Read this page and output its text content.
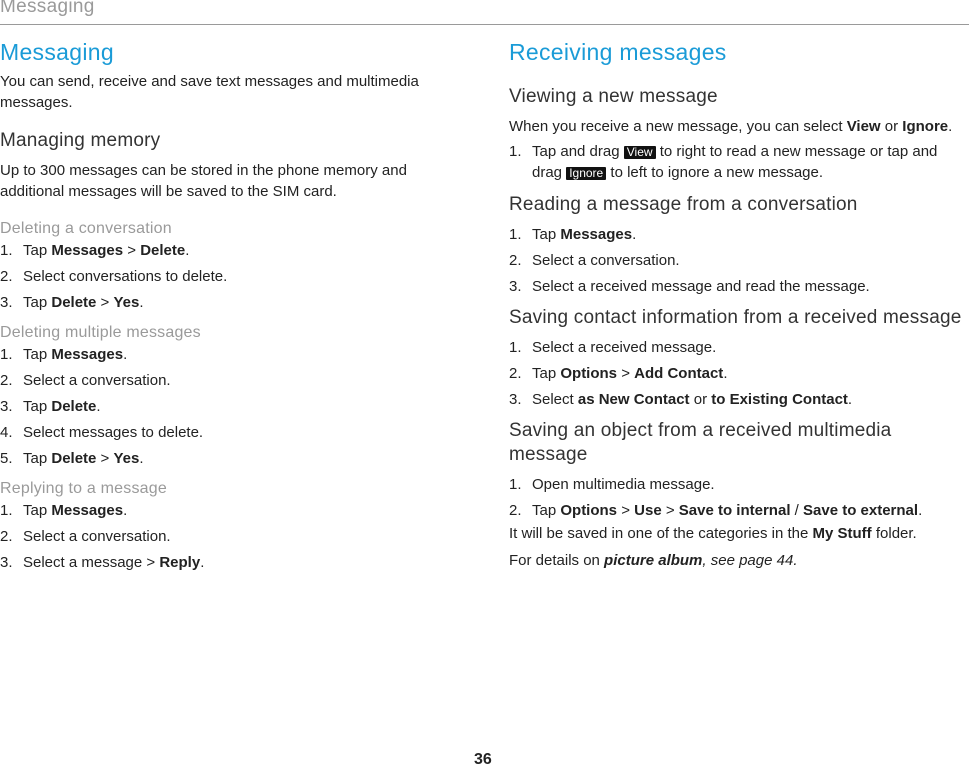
Messaging
Messaging

You can send, receive and save text messages and multimedia messages.

Managing memory

Up to 300 messages can be stored in the phone memory and additional messages will be saved to the SIM card.

Deleting a conversation
1. Tap Messages > Delete.
2. Select conversations to delete.
3. Tap Delete > Yes.
Deleting multiple messages
1. Tap Messages.
2. Select a conversation.
3. Tap Delete.
4. Select messages to delete.
5. Tap Delete > Yes.
Replying to a message
1. Tap Messages.
2. Select a conversation.
3. Select a message > Reply.
Receiving messages
Viewing a new message

When you receive a new message, you can select View or Ignore.

1. Tap and drag View to right to read a new message or tap and drag Ignore to left to ignore a new message.
Reading a message from a conversation
1. Tap Messages.
2. Select a conversation.
3. Select a received message and read the message.
Saving contact information from a received message
1. Select a received message.
2. Tap Options > Add Contact.
3. Select as New Contact or to Existing Contact.
Saving an object from a received multimedia message
1. Open multimedia message.
2. Tap Options > Use > Save to internal / Save to external.

It will be saved in one of the categories in the My Stuff folder.

For details on picture album, see page 44.

36
